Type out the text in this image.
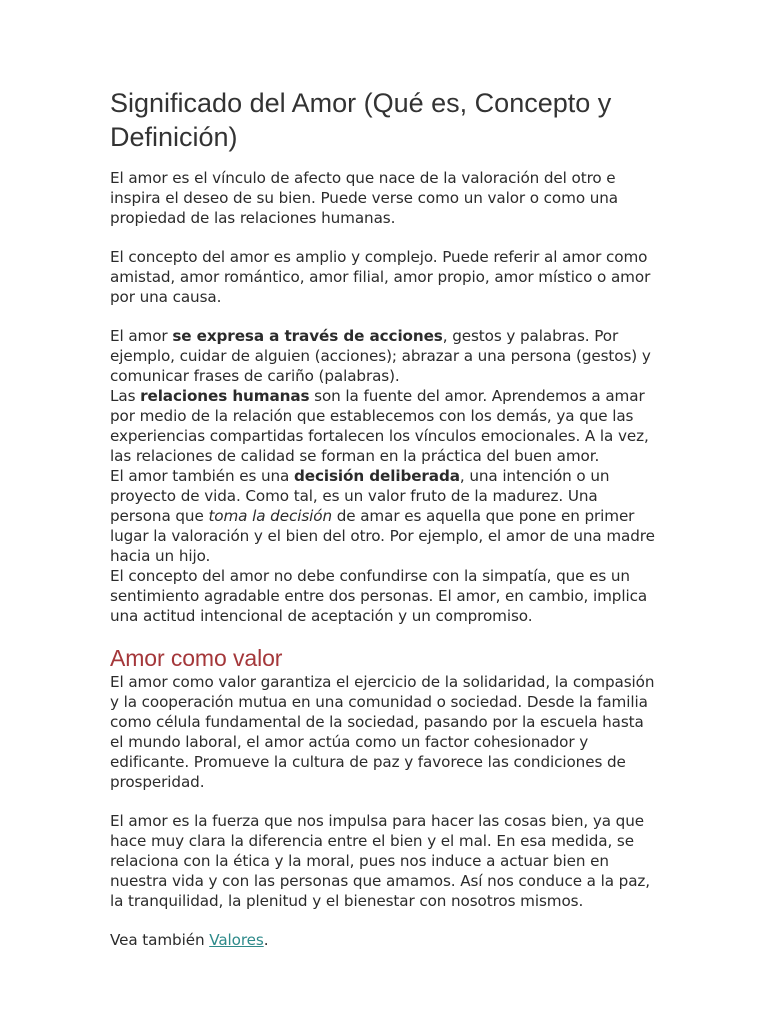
Significado del Amor (Qué es, Concepto y Definición)

El amor es el vínculo de afecto que nace de la valoración del otro e inspira el deseo de su bien. Puede verse como un valor o como una propiedad de las relaciones humanas.

El concepto del amor es amplio y complejo. Puede referir al amor como amistad, amor romántico, amor filial, amor propio, amor místico o amor por una causa.

El amor se expresa a través de acciones, gestos y palabras. Por ejemplo, cuidar de alguien (acciones); abrazar a una persona (gestos) y comunicar frases de cariño (palabras).

Las relaciones humanas son la fuente del amor. Aprendemos a amar por medio de la relación que establecemos con los demás, ya que las experiencias compartidas fortalecen los vínculos emocionales. A la vez, las relaciones de calidad se forman en la práctica del buen amor.

El amor también es una decisión deliberada, una intención o un proyecto de vida. Como tal, es un valor fruto de la madurez. Una persona que toma la decisión de amar es aquella que pone en primer lugar la valoración y el bien del otro. Por ejemplo, el amor de una madre hacia un hijo.

El concepto del amor no debe confundirse con la simpatía, que es un sentimiento agradable entre dos personas. El amor, en cambio, implica una actitud intencional de aceptación y un compromiso.

Amor como valor

El amor como valor garantiza el ejercicio de la solidaridad, la compasión y la cooperación mutua en una comunidad o sociedad. Desde la familia como célula fundamental de la sociedad, pasando por la escuela hasta el mundo laboral, el amor actúa como un factor cohesionador y edificante. Promueve la cultura de paz y favorece las condiciones de prosperidad.

El amor es la fuerza que nos impulsa para hacer las cosas bien, ya que hace muy clara la diferencia entre el bien y el mal. En esa medida, se relaciona con la ética y la moral, pues nos induce a actuar bien en nuestra vida y con las personas que amamos. Así nos conduce a la paz, la tranquilidad, la plenitud y el bienestar con nosotros mismos.

Vea también Valores.
